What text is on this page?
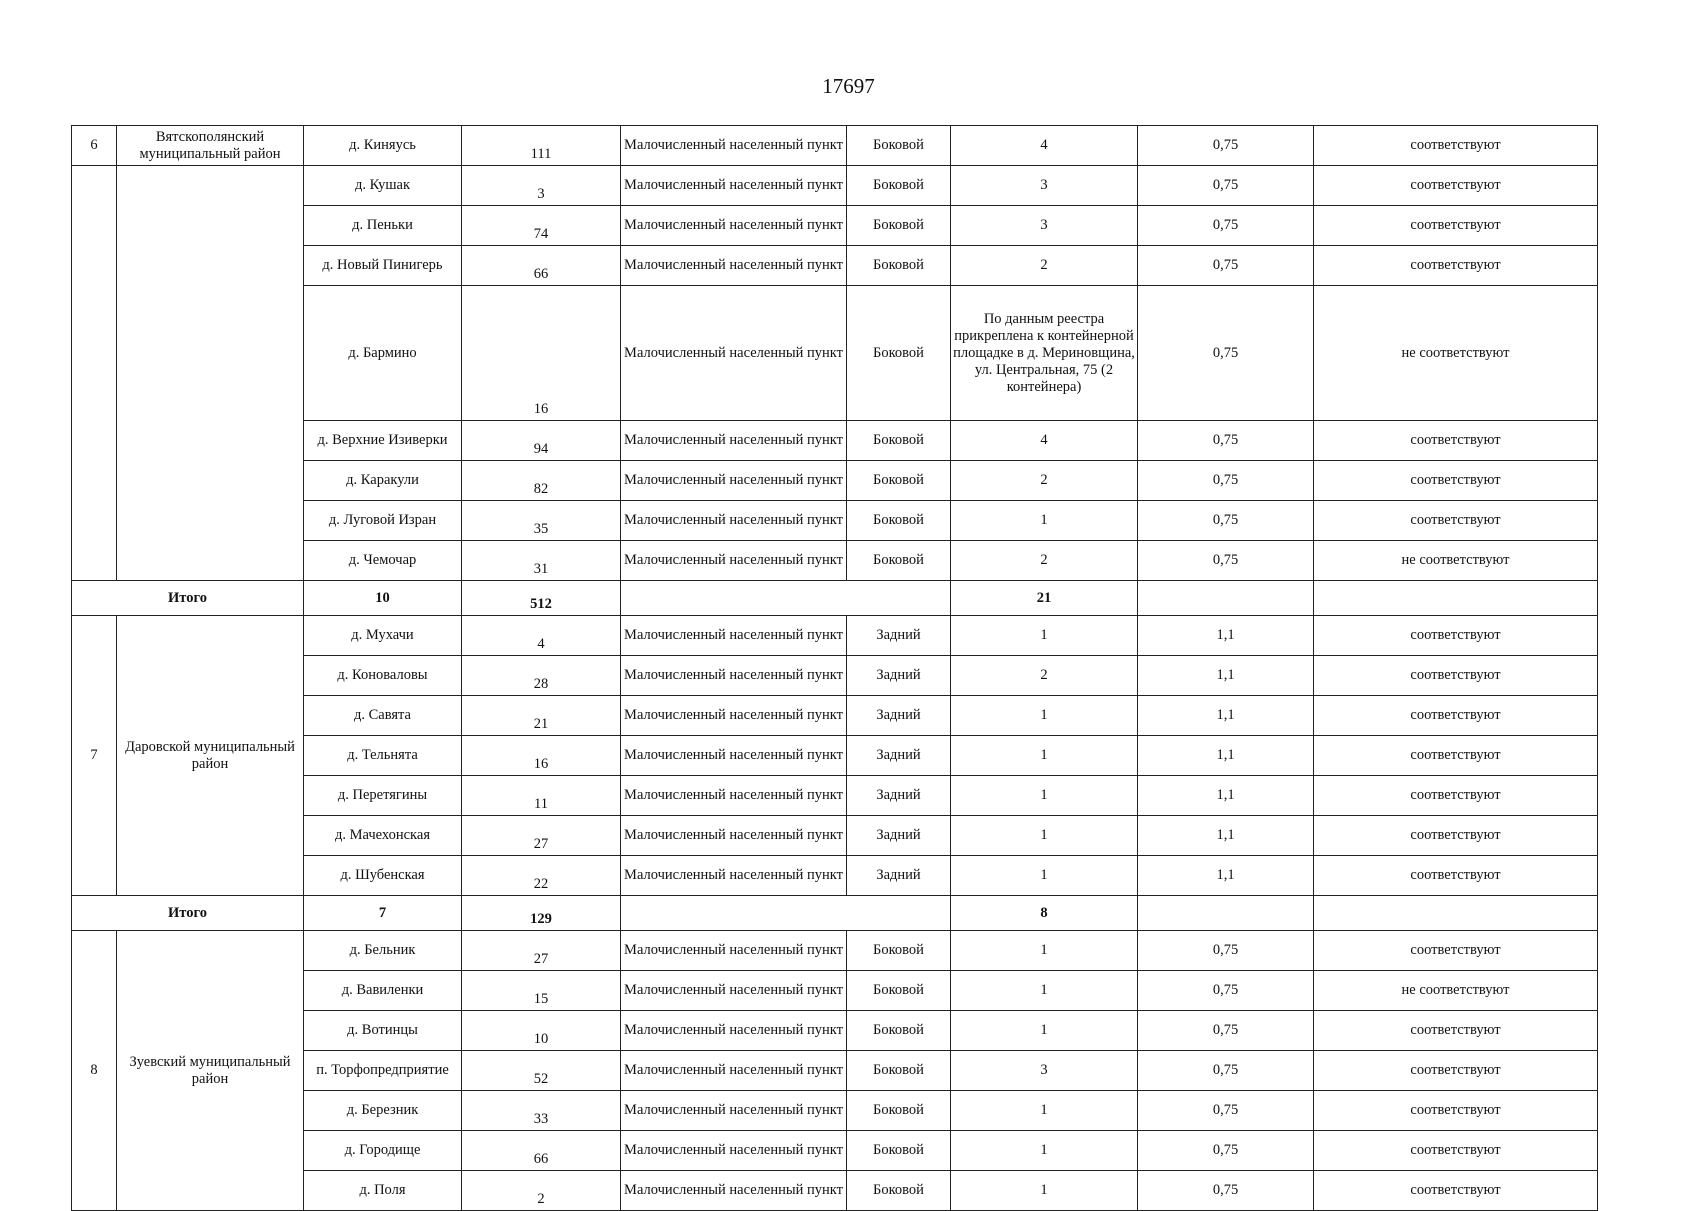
17697
6	Вятскополянский муниципальный район	д. Киняусь	111	Малочисленный населенный пункт	Боковой	4	0,75	соответствуют
		д. Кушак	3	Малочисленный населенный пункт	Боковой	3	0,75	соответствуют
		д. Пеньки	74	Малочисленный населенный пункт	Боковой	3	0,75	соответствуют
		д. Новый Пинигерь	66	Малочисленный населенный пункт	Боковой	2	0,75	соответствуют
		д. Бармино	16	Малочисленный населенный пункт	Боковой	По данным реестра прикреплена к контейнерной площадке в д. Мериновщина, ул. Центральная, 75 (2 контейнера)	0,75	не соответствуют
		д. Верхние Изиверки	94	Малочисленный населенный пункт	Боковой	4	0,75	соответствуют
		д. Каракули	82	Малочисленный населенный пункт	Боковой	2	0,75	соответствуют
		д. Луговой Изран	35	Малочисленный населенный пункт	Боковой	1	0,75	соответствуют
		д. Чемочар	31	Малочисленный населенный пункт	Боковой	2	0,75	не соответствуют
Итого		10	512			21		
7	Даровской муниципальный район	д. Мухачи	4	Малочисленный населенный пункт	Задний	1	1,1	соответствуют
		д. Коноваловы	28	Малочисленный населенный пункт	Задний	2	1,1	соответствуют
		д. Савята	21	Малочисленный населенный пункт	Задний	1	1,1	соответствуют
		д. Тельнята	16	Малочисленный населенный пункт	Задний	1	1,1	соответствуют
		д. Перетягины	11	Малочисленный населенный пункт	Задний	1	1,1	соответствуют
		д. Мачехонская	27	Малочисленный населенный пункт	Задний	1	1,1	соответствуют
		д. Шубенская	22	Малочисленный населенный пункт	Задний	1	1,1	соответствуют
Итого		7	129			8		
8	Зуевский муниципальный район	д. Бельник	27	Малочисленный населенный пункт	Боковой	1	0,75	соответствуют
		д. Вавиленки	15	Малочисленный населенный пункт	Боковой	1	0,75	не соответствуют
		д. Вотинцы	10	Малочисленный населенный пункт	Боковой	1	0,75	соответствуют
		п. Торфопредприятие	52	Малочисленный населенный пункт	Боковой	3	0,75	соответствуют
		д. Березник	33	Малочисленный населенный пункт	Боковой	1	0,75	соответствуют
		д. Городище	66	Малочисленный населенный пункт	Боковой	1	0,75	соответствуют
		д. Поля	2	Малочисленный населенный пункт	Боковой	1	0,75	соответствуют
